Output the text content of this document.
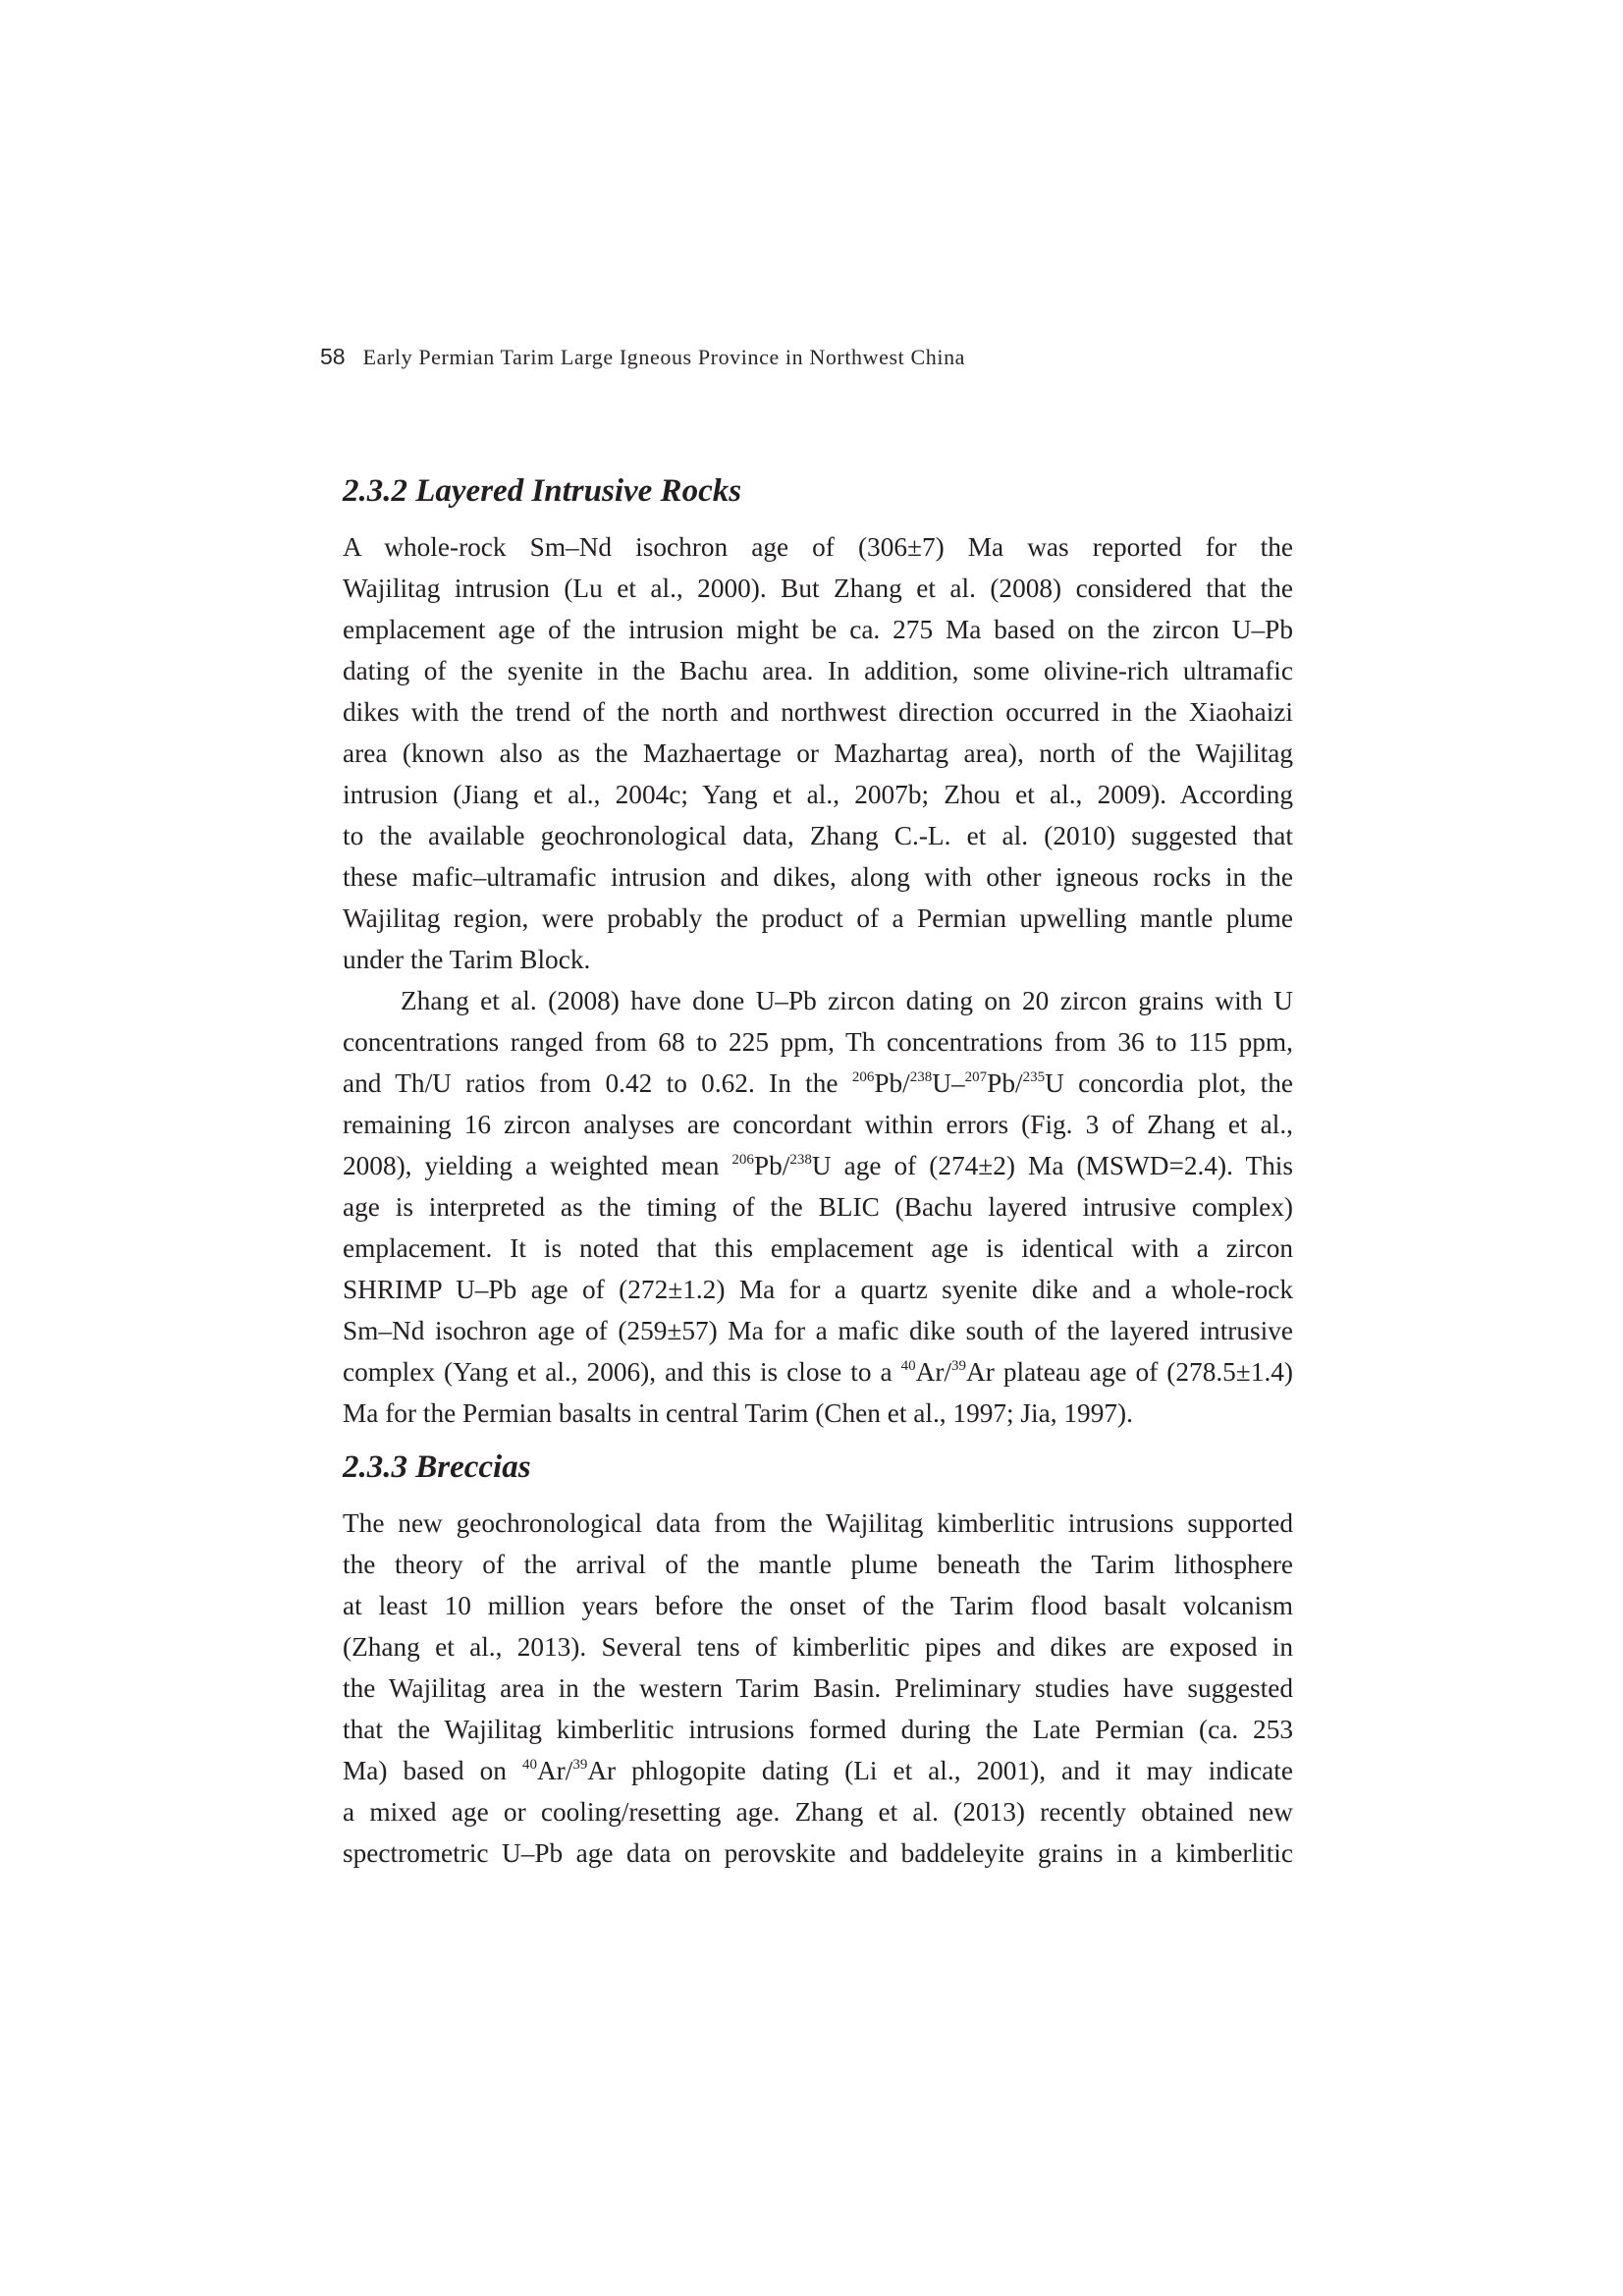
58 Early Permian Tarim Large Igneous Province in Northwest China
2.3.2 Layered Intrusive Rocks

A whole-rock Sm–Nd isochron age of (306±7) Ma was reported for the
Wajilitag intrusion (Lu et al., 2000). But Zhang et al. (2008) considered that the
emplacement age of the intrusion might be ca. 275 Ma based on the zircon U–Pb
dating of the syenite in the Bachu area. In addition, some olivine-rich ultramafic
dikes with the trend of the north and northwest direction occurred in the Xiaohaizi
area (known also as the Mazhaertage or Mazhartag area), north of the Wajilitag
intrusion (Jiang et al., 2004c; Yang et al., 2007b; Zhou et al., 2009). According
to the available geochronological data, Zhang C.-L. et al. (2010) suggested that
these mafic–ultramafic intrusion and dikes, along with other igneous rocks in the
Wajilitag region, were probably the product of a Permian upwelling mantle plume
under the Tarim Block.

Zhang et al. (2008) have done U–Pb zircon dating on 20 zircon grains with U
concentrations ranged from 68 to 225 ppm, Th concentrations from 36 to 115 ppm,
and Th/U ratios from 0.42 to 0.62. In the $^{206}$Pb/$^{238}$U–$^{207}$Pb/$^{235}$U concordia plot, the
remaining 16 zircon analyses are concordant within errors (Fig. 3 of Zhang et al.,
2008), yielding a weighted mean $^{206}$Pb/$^{238}$U age of (274±2) Ma (MSWD=2.4). This
age is interpreted as the timing of the BLIC (Bachu layered intrusive complex)
emplacement. It is noted that this emplacement age is identical with a zircon
SHRIMP U–Pb age of (272±1.2) Ma for a quartz syenite dike and a whole-rock
Sm–Nd isochron age of (259±57) Ma for a mafic dike south of the layered intrusive
complex (Yang et al., 2006), and this is close to a $^{40}$Ar/$^{39}$Ar plateau age of (278.5±1.4)
Ma for the Permian basalts in central Tarim (Chen et al., 1997; Jia, 1997).

2.3.3 Breccias

The new geochronological data from the Wajilitag kimberlitic intrusions supported
the theory of the arrival of the mantle plume beneath the Tarim lithosphere
at least 10 million years before the onset of the Tarim flood basalt volcanism
(Zhang et al., 2013). Several tens of kimberlitic pipes and dikes are exposed in
the Wajilitag area in the western Tarim Basin. Preliminary studies have suggested
that the Wajilitag kimberlitic intrusions formed during the Late Permian (ca. 253
Ma) based on $^{40}$Ar/$^{39}$Ar phlogopite dating (Li et al., 2001), and it may indicate
a mixed age or cooling/resetting age. Zhang et al. (2013) recently obtained new
spectrometric U–Pb age data on perovskite and baddeleyite grains in a kimberlitic
